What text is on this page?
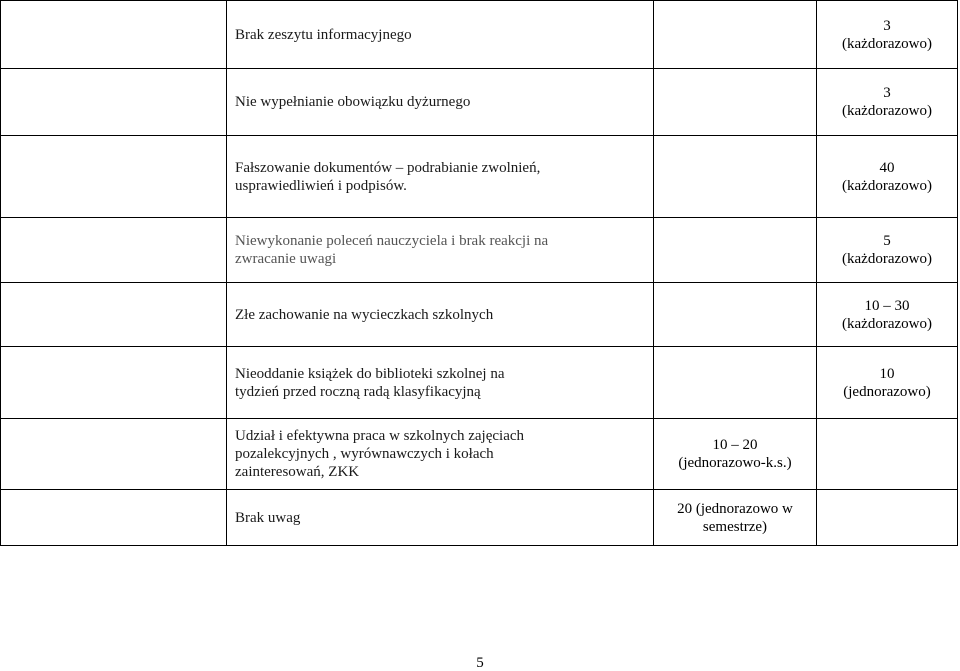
	Brak zeszytu informacyjnego		3
(każdorazowo)

	Nie wypełnianie obowiązku dyżurnego		3
(każdorazowo)

	Fałszowanie dokumentów – podrabianie zwolnień,
usprawiedliwień i podpisów.		40
(każdorazowo)

	Niewykonanie poleceń nauczyciela i brak reakcji na
zwracanie uwagi		5
(każdorazowo)

	Złe zachowanie na wycieczkach szkolnych		10 – 30
(każdorazowo)

	Nieoddanie książek do biblioteki szkolnej na
tydzień przed roczną radą klasyfikacyjną		10
(jednorazowo)

	Udział i efektywna praca w szkolnych zajęciach
pozalekcyjnych , wyrównawczych i kołach
zainteresowań, ZKK	10 – 20
(jednorazowo-k.s.)	

	Brak uwag	20 (jednorazowo w
semestrze)	

5
